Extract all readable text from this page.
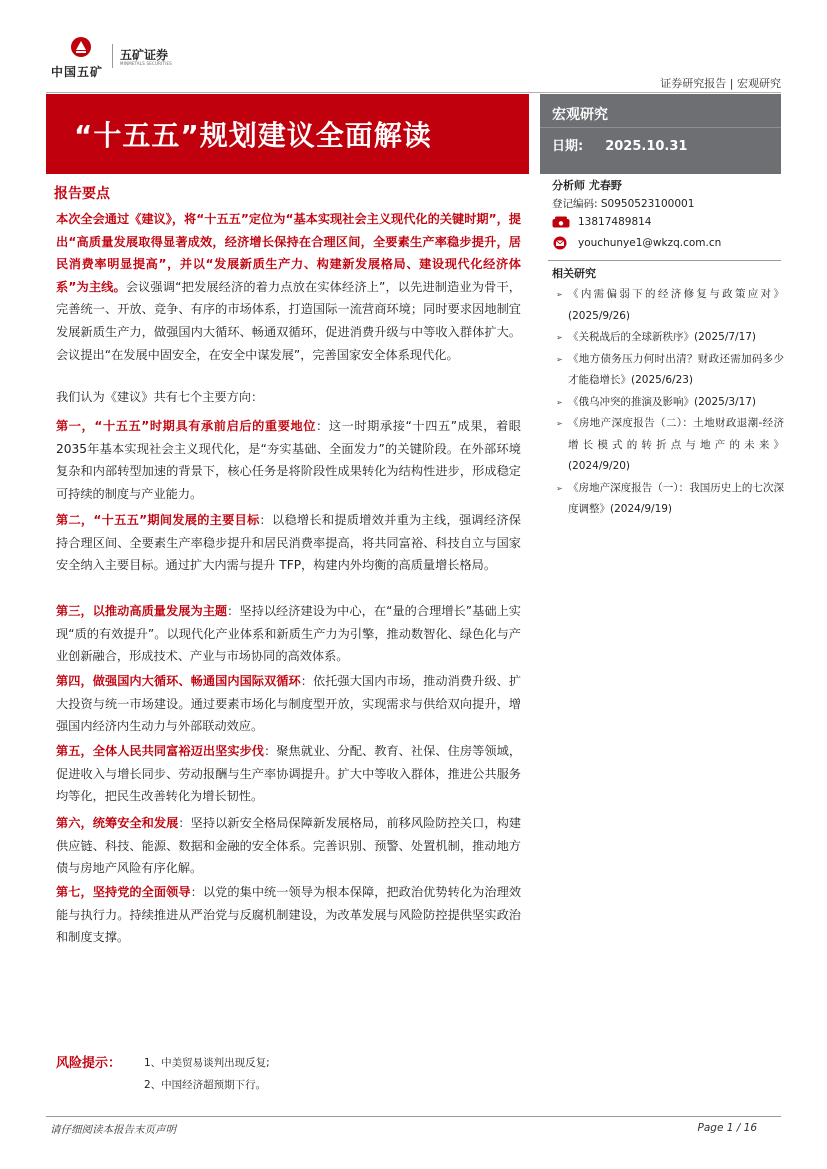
中国五矿
五矿证券
MINMETALS SECURITIES
证券研究报告 | 宏观研究
“十五五”规划建议全面解读
宏观研究
日期: 2025.10.31
报告要点
本次全会通过《建议》，将“十五五”定位为“基本实现社会主义现代化的关键时期”，提出“高质量发展取得显著成效，经济增长保持在合理区间，全要素生产率稳步提升，居民消费率明显提高”，并以“发展新质生产力、构建新发展格局、建设现代化经济体系”为主线。会议强调“把发展经济的着力点放在实体经济上”，以先进制造业为骨干，完善统一、开放、竞争、有序的市场体系，打造国际一流营商环境；同时要求因地制宜发展新质生产力，做强国内大循环、畅通双循环，促进消费升级与中等收入群体扩大。会议提出“在发展中固安全，在安全中谋发展”，完善国家安全体系现代化。
我们认为《建议》共有七个主要方向：
第一，“十五五”时期具有承前启后的重要地位：这一时期承接“十四五”成果，着眼2035年基本实现社会主义现代化，是“夯实基础、全面发力”的关键阶段。在外部环境复杂和内部转型加速的背景下，核心任务是将阶段性成果转化为结构性进步，形成稳定可持续的制度与产业能力。
第二，“十五五”期间发展的主要目标：以稳增长和提质增效并重为主线，强调经济保持合理区间、全要素生产率稳步提升和居民消费率提高，将共同富裕、科技自立与国家安全纳入主要目标。通过扩大内需与提升 TFP，构建内外均衡的高质量增长格局。
第三，以推动高质量发展为主题：坚持以经济建设为中心，在“量的合理增长”基础上实现“质的有效提升”。以现代化产业体系和新质生产力为引擎，推动数智化、绿色化与产业创新融合，形成技术、产业与市场协同的高效体系。
第四，做强国内大循环、畅通国内国际双循环：依托强大国内市场，推动消费升级、扩大投资与统一市场建设。通过要素市场化与制度型开放，实现需求与供给双向提升，增强国内经济内生动力与外部联动效应。
第五，全体人民共同富裕迈出坚实步伐：聚焦就业、分配、教育、社保、住房等领域，促进收入与增长同步、劳动报酬与生产率协调提升。扩大中等收入群体，推进公共服务均等化，把民生改善转化为增长韧性。
第六，统筹安全和发展：坚持以新安全格局保障新发展格局，前移风险防控关口，构建供应链、科技、能源、数据和金融的安全体系。完善识别、预警、处置机制，推动地方债与房地产风险有序化解。
第七，坚持党的全面领导：以党的集中统一领导为根本保障，把政治优势转化为治理效能与执行力。持续推进从严治党与反腐机制建设，为改革发展与风险防控提供坚实政治和制度支撑。
风险提示： 1、中美贸易谈判出现反复;
2、中国经济超预期下行。
分析师 尤春野
登记编码: S0950523100001
13817489814
youchunye1@wkzq.com.cn
相关研究
➢ 《内需偏弱下的经济修复与政策应对》(2025/9/26)
➢ 《关税战后的全球新秩序》(2025/7/17)
➢ 《地方债务压力何时出清？财政还需加码多少才能稳增长》(2025/6/23)
➢ 《俄乌冲突的推演及影响》(2025/3/17)
➢ 《房地产深度报告（二）：土地财政退潮-经济增长模式的转折点与地产的未来》(2024/9/20)
➢ 《房地产深度报告（一）：我国历史上的七次深度调整》(2024/9/19)
请仔细阅读本报告末页声明	Page 1 / 16
